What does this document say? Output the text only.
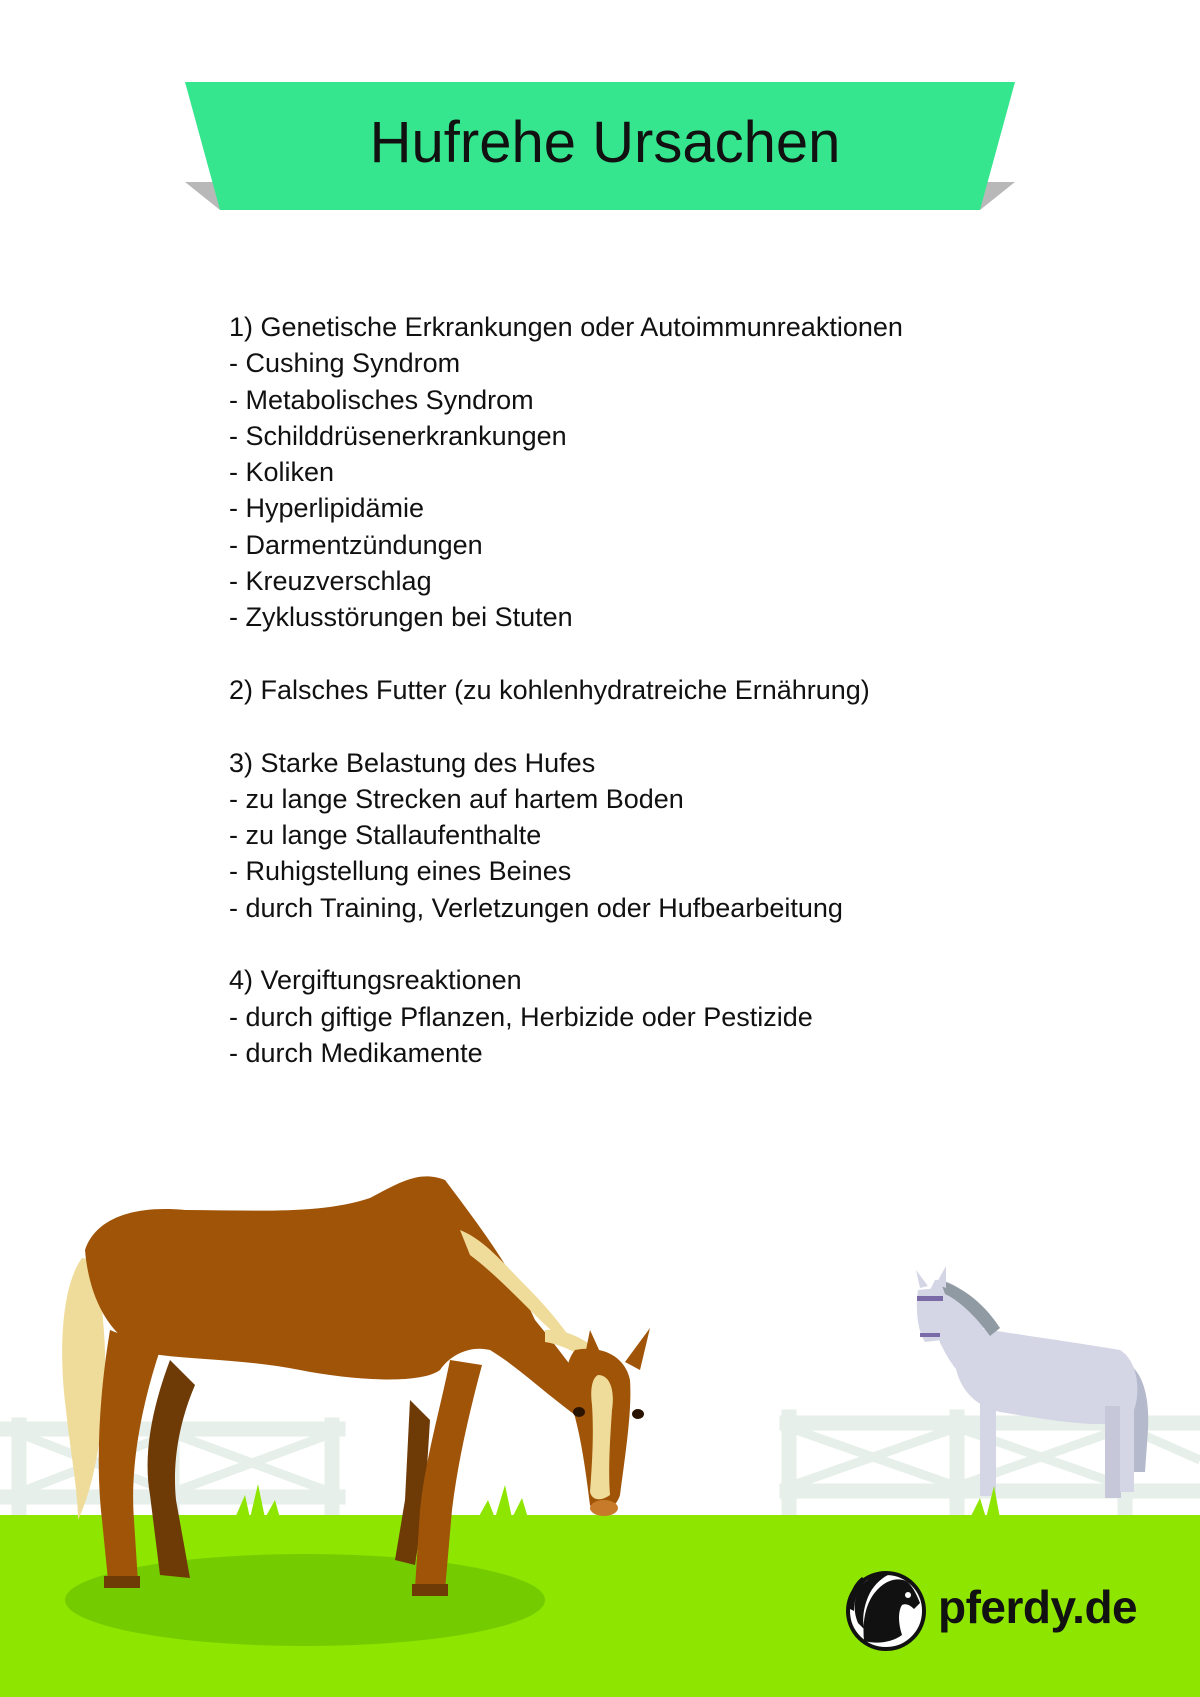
Hufrehe Ursachen
1) Genetische Erkrankungen oder Autoimmunreaktionen
- Cushing Syndrom
- Metabolisches Syndrom
- Schilddrüsenerkrankungen
- Koliken
- Hyperlipidämie
- Darmentzündungen
- Kreuzverschlag
- Zyklusstörungen bei Stuten
2) Falsches Futter (zu kohlenhydratreiche Ernährung)
3) Starke Belastung des Hufes
- zu lange Strecken auf hartem Boden
- zu lange Stallaufenthalte
- Ruhigstellung eines Beines
- durch Training, Verletzungen oder Hufbearbeitung
4) Vergiftungsreaktionen
- durch giftige Pflanzen, Herbizide oder Pestizide
- durch Medikamente
pferdy.de
